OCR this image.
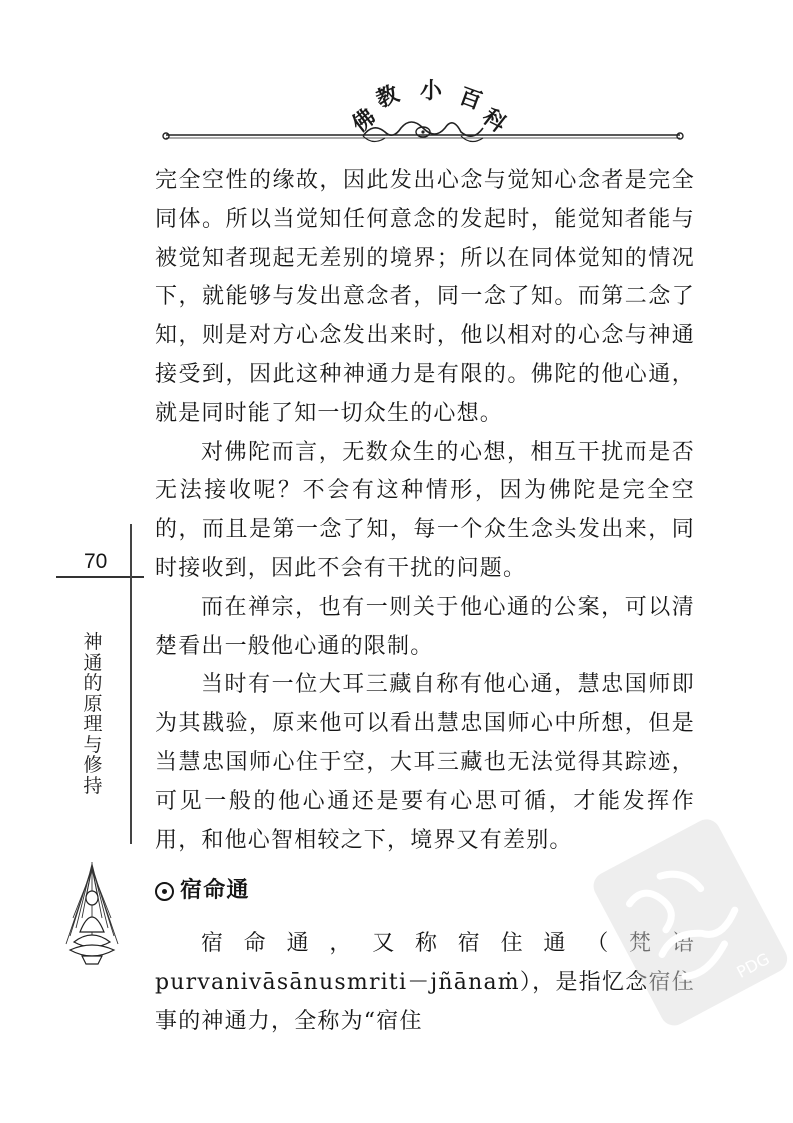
佛
教 小 百
科

完全空性的缘故，因此发出心念与觉知心念者是完全同体。所以当觉知任何意念的发起时，能觉知者能与被觉知者现起无差别的境界；所以在同体觉知的情况下，就能够与发出意念者，同一念了知。而第二念了知，则是对方心念发出来时，他以相对的心念与神通接受到，因此这种神通力是有限的。佛陀的他心通，就是同时能了知一切众生的心想。

对佛陀而言，无数众生的心想，相互干扰而是否无法接收呢？不会有这种情形，因为佛陀是完全空的，而且是第一念了知，每一个众生念头发出来，同时接收到，因此不会有干扰的问题。

而在禅宗，也有一则关于他心通的公案，可以清楚看出一般他心通的限制。

当时有一位大耳三藏自称有他心通，慧忠国师即为其戡验，原来他可以看出慧忠国师心中所想，但是当慧忠国师心住于空，大耳三藏也无法觉得其踪迹，可见一般的他心通还是要有心思可循，才能发挥作用，和他心智相较之下，境界又有差别。

宿命通

宿命通，又称宿住通（梵语 purvanivāsānusmriti－jñānaṁ），是指忆念宿住事的神通力，全称为“宿住

70
神通的原理与修持
PDG
